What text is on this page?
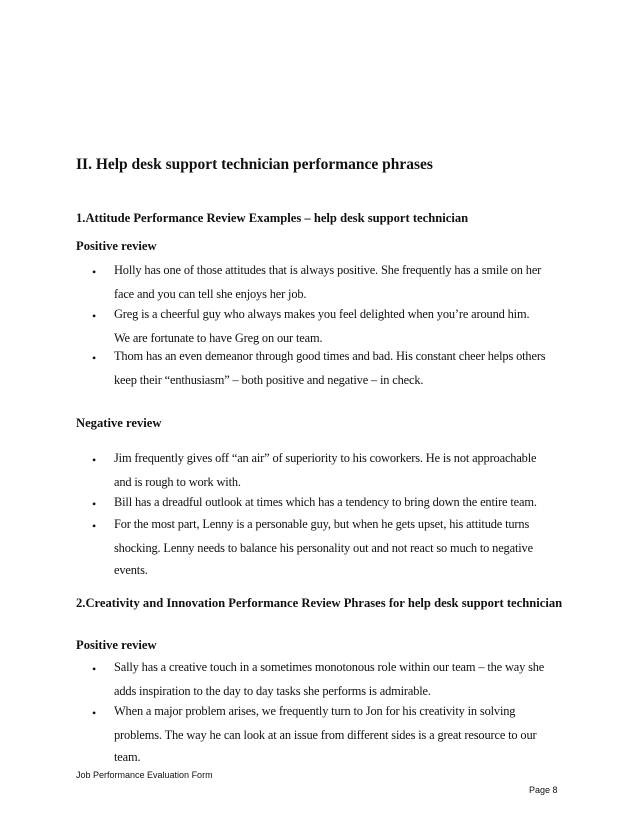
II. Help desk support technician performance phrases
1.Attitude Performance Review Examples – help desk support technician
Positive review
• Holly has one of those attitudes that is always positive. She frequently has a smile on her
face and you can tell she enjoys her job.
• Greg is a cheerful guy who always makes you feel delighted when you’re around him.
We are fortunate to have Greg on our team.
• Thom has an even demeanor through good times and bad. His constant cheer helps others
keep their “enthusiasm” – both positive and negative – in check.
Negative review
• Jim frequently gives off “an air” of superiority to his coworkers. He is not approachable
and is rough to work with.
• Bill has a dreadful outlook at times which has a tendency to bring down the entire team.
• For the most part, Lenny is a personable guy, but when he gets upset, his attitude turns
shocking. Lenny needs to balance his personality out and not react so much to negative
events.
2.Creativity and Innovation Performance Review Phrases for help desk support technician
Positive review
• Sally has a creative touch in a sometimes monotonous role within our team – the way she
adds inspiration to the day to day tasks she performs is admirable.
• When a major problem arises, we frequently turn to Jon for his creativity in solving
problems. The way he can look at an issue from different sides is a great resource to our
team.
Job Performance Evaluation Form
Page 8
